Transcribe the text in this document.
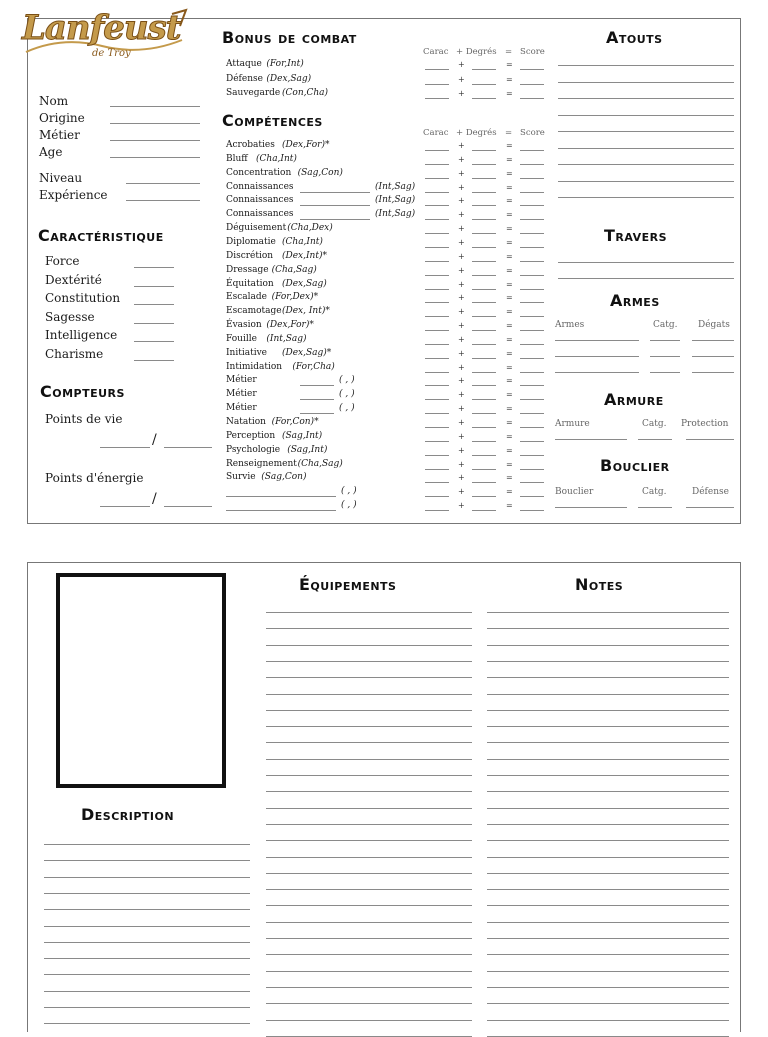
Lanfeust
de Troy
Nom
Origine
Métier
Age
Niveau
Expérience
Caractéristique
Force
Dextérité
Constitution
Sagesse
Intelligence
Charisme
Compteurs
Points de vie
/
Points d'énergie
/
Bonus de combat
Carac + Degrés = Score
Attaque (For,Int)	+	=
Défense (Dex,Sag)	+	=
Sauvegarde (Con,Cha)	+	=
Compétences
Carac + Degrés = Score
Acrobaties (Dex,For)*	+	=
Bluff (Cha,Int)	+	=
Concentration (Sag,Con)	+	=
Connaissances	(Int,Sag)	+	=
Connaissances	(Int,Sag)	+	=
Connaissances	(Int,Sag)	+	=
Déguisement (Cha,Dex)	+	=
Diplomatie (Cha,Int)	+	=
Discrétion (Dex,Int)*	+	=
Dressage (Cha,Sag)	+	=
Équitation (Dex,Sag)	+	=
Escalade (For,Dex)*	+	=
Escamotage (Dex, Int)*	+	=
Évasion (Dex,For)*	+	=
Fouille (Int,Sag)	+	=
Initiative (Dex,Sag)*	+	=
Intimidation (For,Cha)	+	=
Métier	( , )	+	=
Métier	( , )	+	=
Métier	( , )	+	=
Natation (For,Con)*	+	=
Perception (Sag,Int)	+	=
Psychologie (Sag,Int)	+	=
Renseignement (Cha,Sag)	+	=
Survie (Sag,Con)	+	=
( , )	+	=
( , )	+	=
Atouts
Travers
Armes
Armes	Catg. Dégats
Armure
Armure	Catg. Protection
Bouclier
Bouclier	Catg.	Défense
Description
Équipements	Notes
